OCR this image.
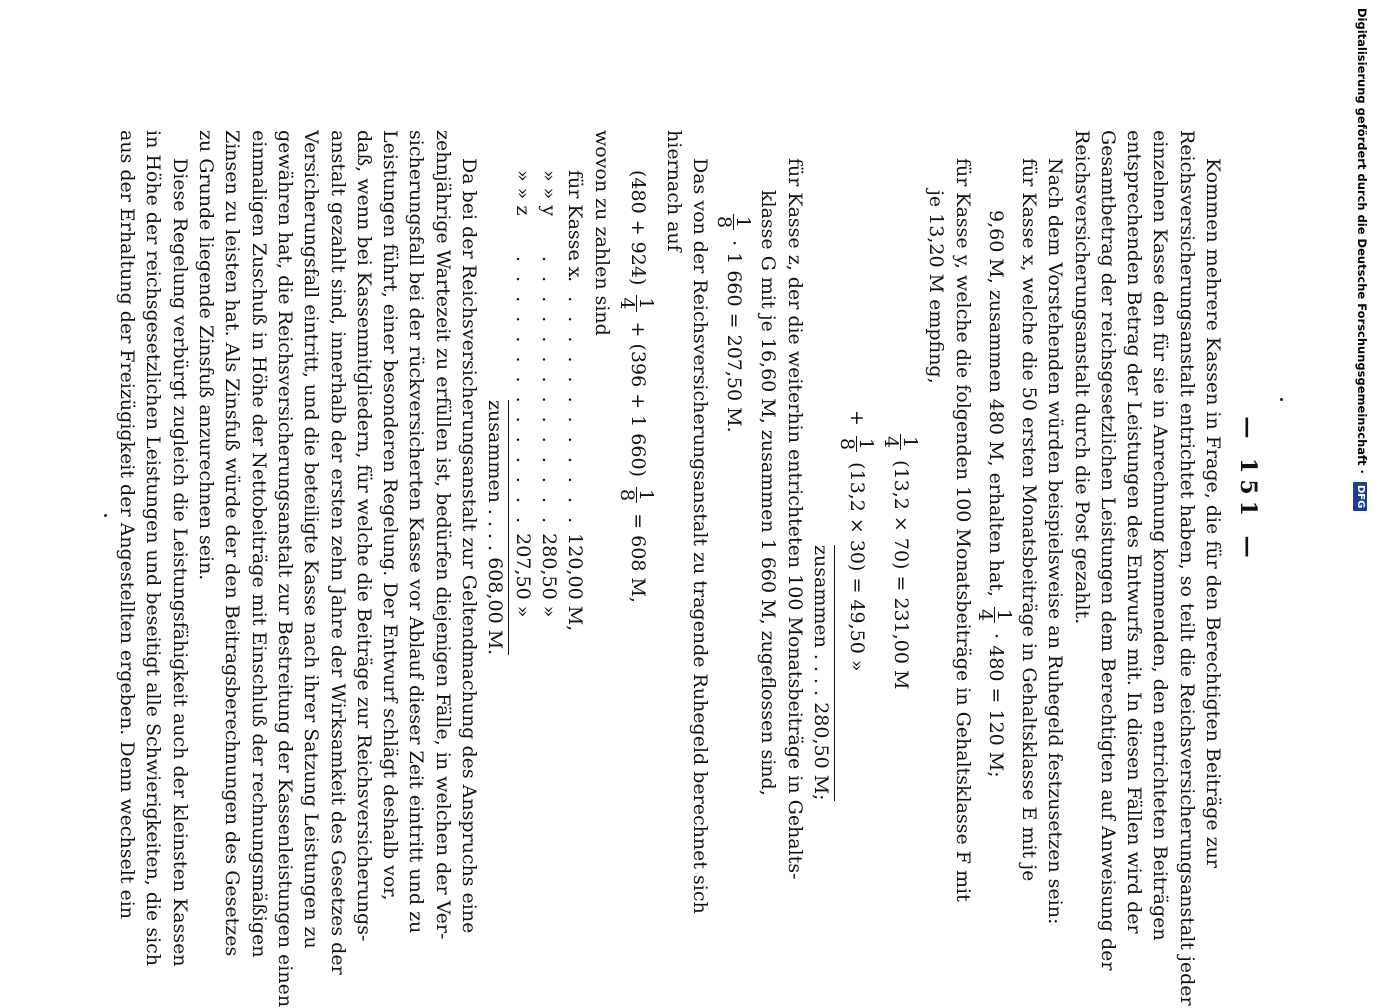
— 151 —
Kommen mehrere Kassen in Frage, die für den Berechtigten Beiträge zur
Reichsversicherungsanstalt entrichtet haben, so teilt die Reichsversicherungsanstalt jeder
einzelnen Kasse den für sie in Anrechnung kommenden, den entrichteten Beiträgen
entsprechenden Betrag der Leistungen des Entwurfs mit. In diesen Fällen wird der
Gesamtbetrag der reichsgesetzlichen Leistungen dem Berechtigten auf Anweisung der
Reichsversicherungsanstalt durch die Post gezahlt.
Nach dem Vorstehenden würden beispielsweise an Ruhegeld festzusetzen sein:
für Kasse x, welche die 50 ersten Monatsbeiträge in Gehaltsklasse E mit je
9,60 M, zusammen 480 M, erhalten hat,
1
4
· 480 = 120 M;
für Kasse y, welche die folgenden 100 Monatsbeiträge in Gehaltsklasse F mit
je 13,20 M empfing,
1
4
(13,2 × 70) = 231,00 M
+
1
8
(13,2 × 30) = 49,50 »
zusammen . . . . 280,50 M;
für Kasse z, der die weiterhin entrichteten 100 Monatsbeiträge in Gehalts-
klasse G mit je 16,60 M, zusammen 1 660 M, zugeflossen sind,
1
8
· 1 660 = 207,50 M.
Das von der Reichsversicherungsanstalt zu tragende Ruhegeld berechnet sich
hiernach auf
(480 + 924)
1
4
+ (396 + 1 660)
1
8
= 608 M,
wovon zu zahlen sind
für Kasse x . . . . . . . . . . . . . . 120,00 M,
» » y . . . . . . . . . . . . . . 280,50 »
» » z . . . . . . . . . . . . . . 207,50 »
zusammen . . . . 608,00 M.
Da bei der Reichsversicherungsanstalt zur Geltendmachung des Anspruchs eine
zehnjährige Wartezeit zu erfüllen ist, bedürfen diejenigen Fälle, in welchen der Ver-
sicherungsfall bei der rückversicherten Kasse vor Ablauf dieser Zeit eintritt und zu
Leistungen führt, einer besonderen Regelung. Der Entwurf schlägt deshalb vor,
daß, wenn bei Kassenmitgliedern, für welche die Beiträge zur Reichsversicherungs-
anstalt gezahlt sind, innerhalb der ersten zehn Jahre der Wirksamkeit des Gesetzes der
Versicherungsfall eintritt, und die beteiligte Kasse nach ihrer Satzung Leistungen zu
gewähren hat, die Reichsversicherungsanstalt zur Bestreitung der Kassenleistungen einen
einmaligen Zuschuß in Höhe der Nettobeiträge mit Einschluß der rechnungsmäßigen
Zinsen zu leisten hat. Als Zinsfuß würde der den Beitragsberechnungen des Gesetzes
zu Grunde liegende Zinsfuß anzurechnen sein.
Diese Regelung verbürgt zugleich die Leistungsfähigkeit auch der kleinsten Kassen
in Höhe der reichsgesetzlichen Leistungen und beseitigt alle Schwierigkeiten, die sich
aus der Erhaltung der Freizügigkeit der Angestellten ergeben. Denn wechselt ein	Digitalisierung gefördert durch die Deutsche Forschungsgemeinschaft · DFG
